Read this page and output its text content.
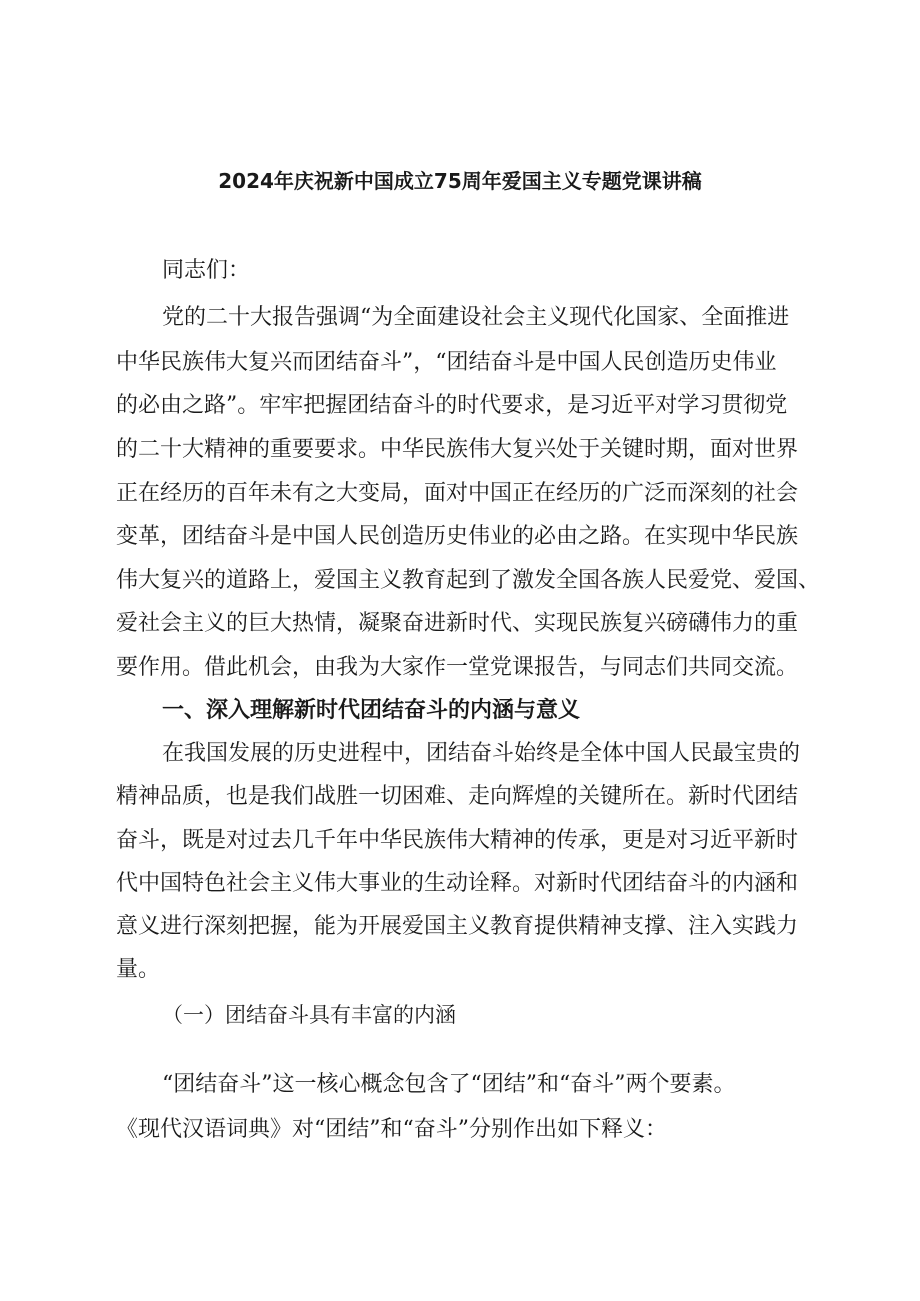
2024年庆祝新中国成立75周年爱国主义专题党课讲稿
同志们：
党的二十大报告强调“为全面建设社会主义现代化国家、全面推进
中华民族伟大复兴而团结奋斗”，“团结奋斗是中国人民创造历史伟业
的必由之路”。牢牢把握团结奋斗的时代要求，是习近平对学习贯彻党
的二十大精神的重要要求。中华民族伟大复兴处于关键时期，面对世界
正在经历的百年未有之大变局，面对中国正在经历的广泛而深刻的社会
变革，团结奋斗是中国人民创造历史伟业的必由之路。在实现中华民族
伟大复兴的道路上，爱国主义教育起到了激发全国各族人民爱党、爱国、
爱社会主义的巨大热情，凝聚奋进新时代、实现民族复兴磅礴伟力的重
要作用。借此机会，由我为大家作一堂党课报告，与同志们共同交流。
一、深入理解新时代团结奋斗的内涵与意义
在我国发展的历史进程中，团结奋斗始终是全体中国人民最宝贵的
精神品质，也是我们战胜一切困难、走向辉煌的关键所在。新时代团结
奋斗，既是对过去几千年中华民族伟大精神的传承，更是对习近平新时
代中国特色社会主义伟大事业的生动诠释。对新时代团结奋斗的内涵和
意义进行深刻把握，能为开展爱国主义教育提供精神支撑、注入实践力
量。
（一）团结奋斗具有丰富的内涵
“团结奋斗”这一核心概念包含了“团结”和“奋斗”两个要素。
《现代汉语词典》对“团结”和“奋斗”分别作出如下释义：
